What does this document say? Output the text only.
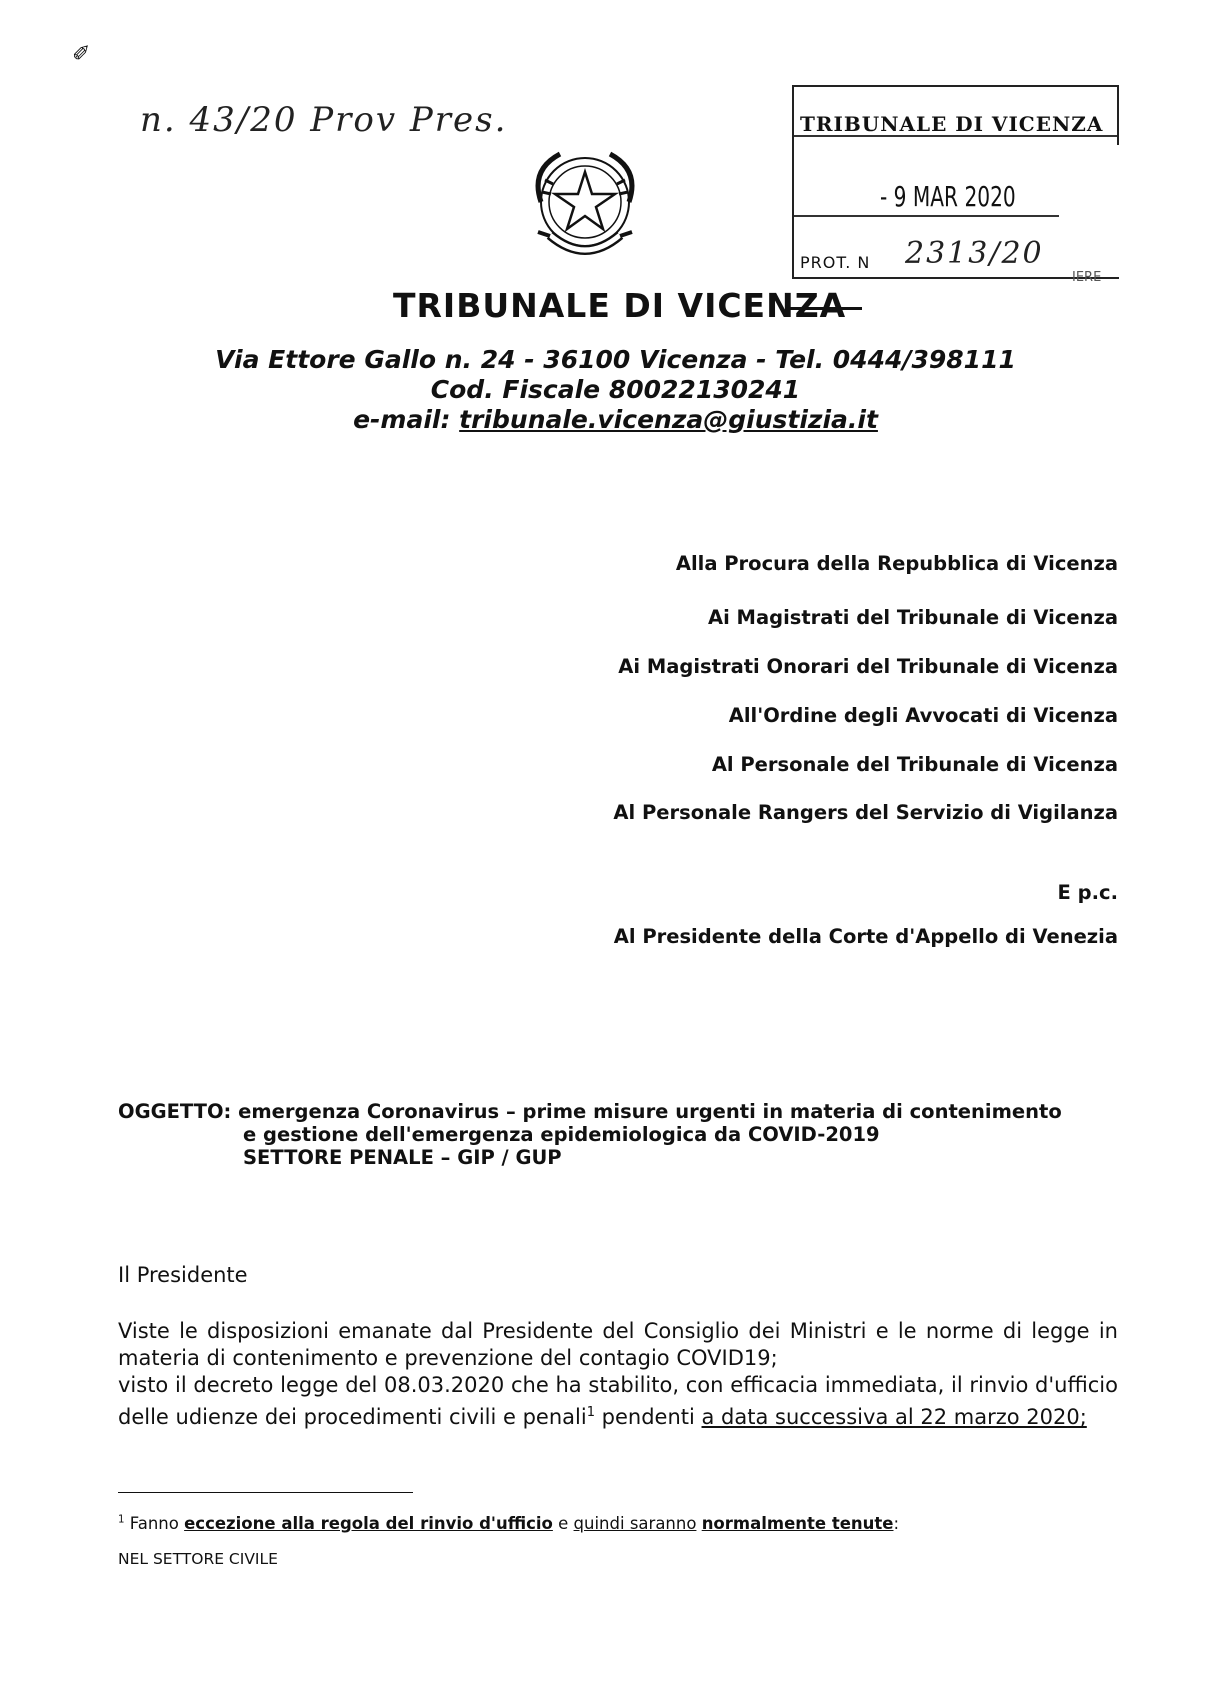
n. 43/20 Prov Pres.
✐
TRIBUNALE DI VICENZA
- 9 MAR 2020
PROT. N 2313/20
IERE
TRIBUNALE DI VICENZA
Via Ettore Gallo n. 24 - 36100 Vicenza - Tel. 0444/398111
Cod. Fiscale 80022130241
e-mail: tribunale.vicenza@giustizia.it
Alla Procura della Repubblica di Vicenza
Ai Magistrati del Tribunale di Vicenza
Ai Magistrati Onorari del Tribunale di Vicenza
All'Ordine degli Avvocati di Vicenza
Al Personale del Tribunale di Vicenza
Al Personale Rangers del Servizio di Vigilanza
E p.c.
Al Presidente della Corte d'Appello di Venezia
OGGETTO: emergenza Coronavirus – prime misure urgenti in materia di contenimento
e gestione dell'emergenza epidemiologica da COVID-2019
SETTORE PENALE – GIP / GUP
Il Presidente
Viste le disposizioni emanate dal Presidente del Consiglio dei Ministri e le norme di legge in materia di contenimento e prevenzione del contagio COVID19;
visto il decreto legge del 08.03.2020 che ha stabilito, con efficacia immediata, il rinvio d'ufficio delle udienze dei procedimenti civili e penali$^1$ pendenti a data successiva al 22 marzo 2020;
$^1$ Fanno eccezione alla regola del rinvio d'ufficio e quindi saranno normalmente tenute:
NEL SETTORE CIVILE
